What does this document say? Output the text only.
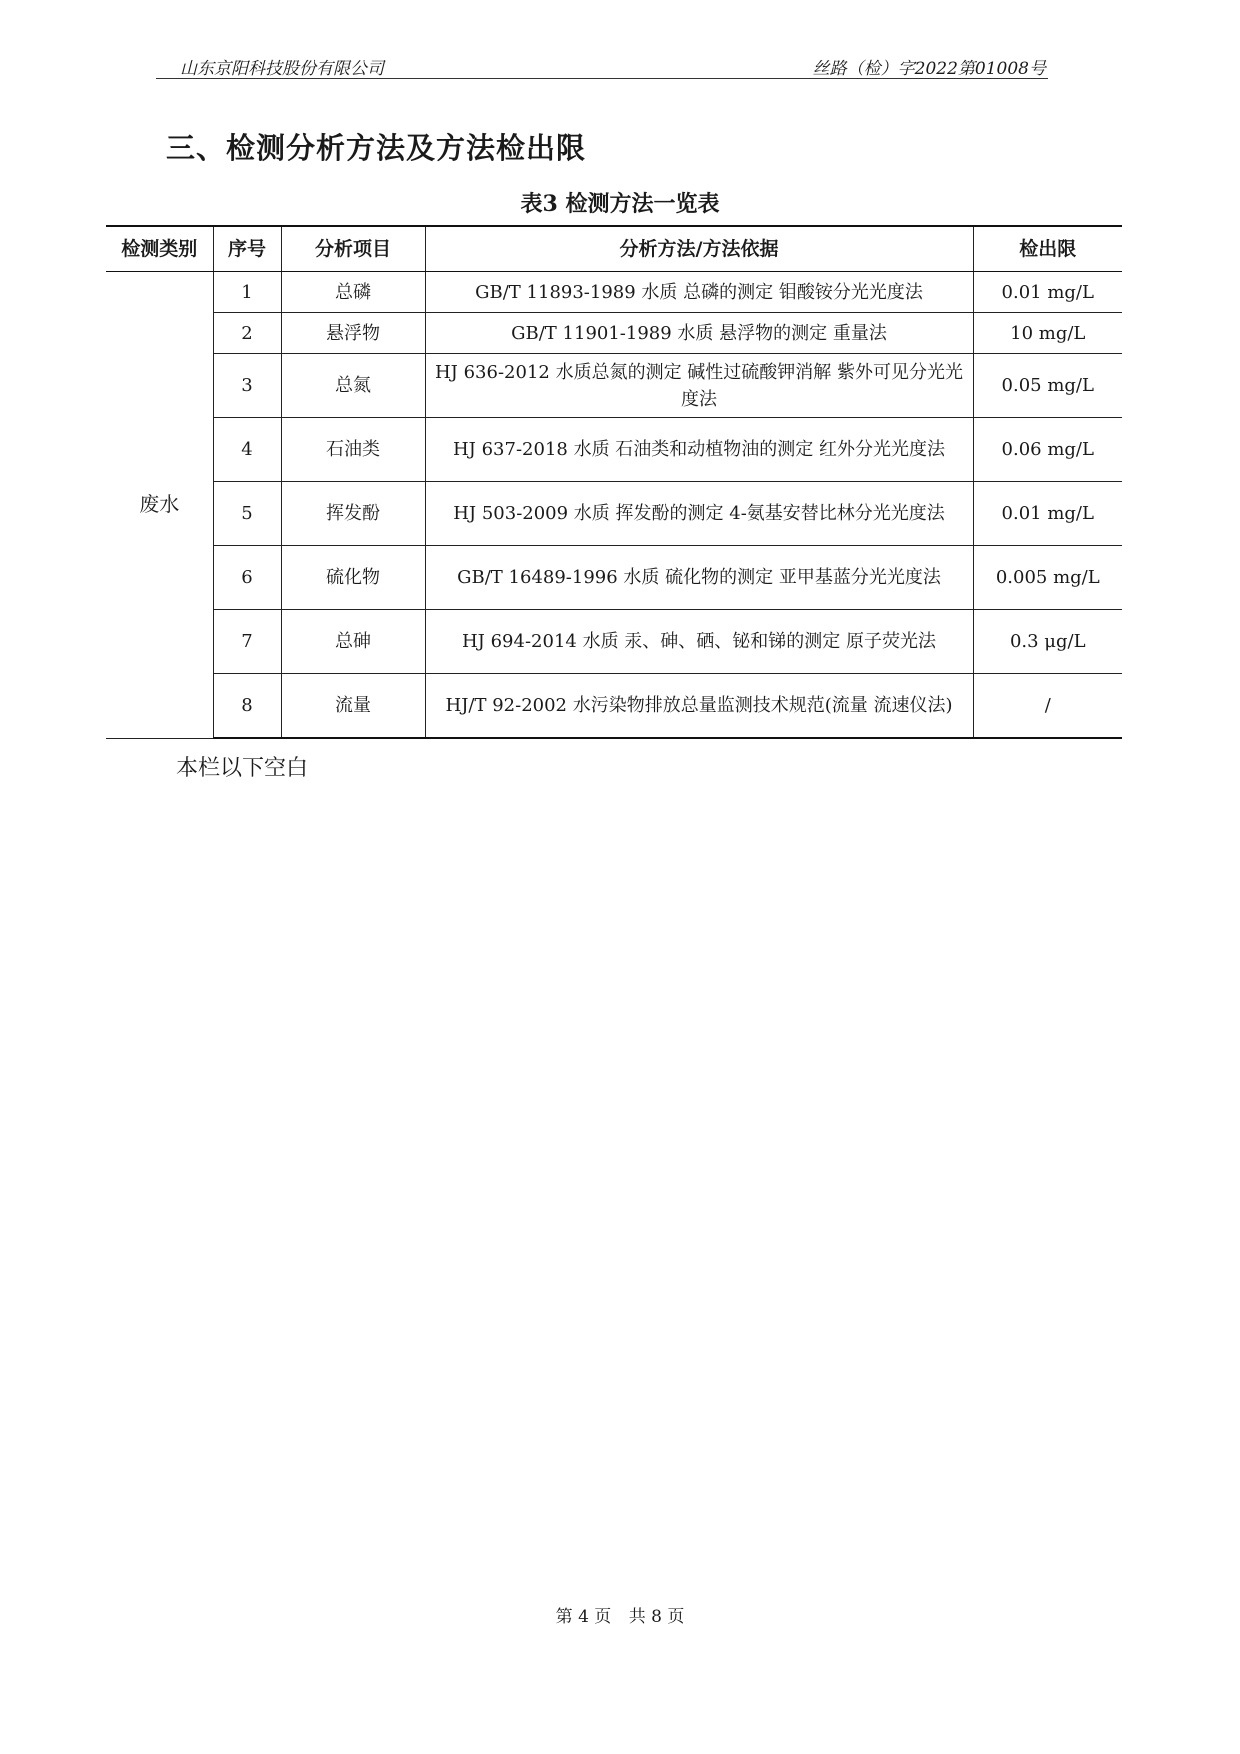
山东京阳科技股份有限公司	丝路（检）字2022第01008号
三、检测分析方法及方法检出限
表3 检测方法一览表
检测类别	序号	分析项目	分析方法/方法依据	检出限
废水	1	总磷	GB/T 11893-1989 水质 总磷的测定 钼酸铵分光光度法	0.01 mg/L
	2	悬浮物	GB/T 11901-1989 水质 悬浮物的测定 重量法	10 mg/L
	3	总氮	HJ 636-2012 水质总氮的测定 碱性过硫酸钾消解 紫外可见分光光度法	0.05 mg/L
	4	石油类	HJ 637-2018 水质 石油类和动植物油的测定 红外分光光度法	0.06 mg/L
	5	挥发酚	HJ 503-2009 水质 挥发酚的测定 4-氨基安替比林分光光度法	0.01 mg/L
	6	硫化物	GB/T 16489-1996 水质 硫化物的测定 亚甲基蓝分光光度法	0.005 mg/L
	7	总砷	HJ 694-2014 水质 汞、砷、硒、铋和锑的测定 原子荧光法	0.3 μg/L
	8	流量	HJ/T 92-2002 水污染物排放总量监测技术规范(流量 流速仪法)	/
本栏以下空白
第 4 页 共 8 页
